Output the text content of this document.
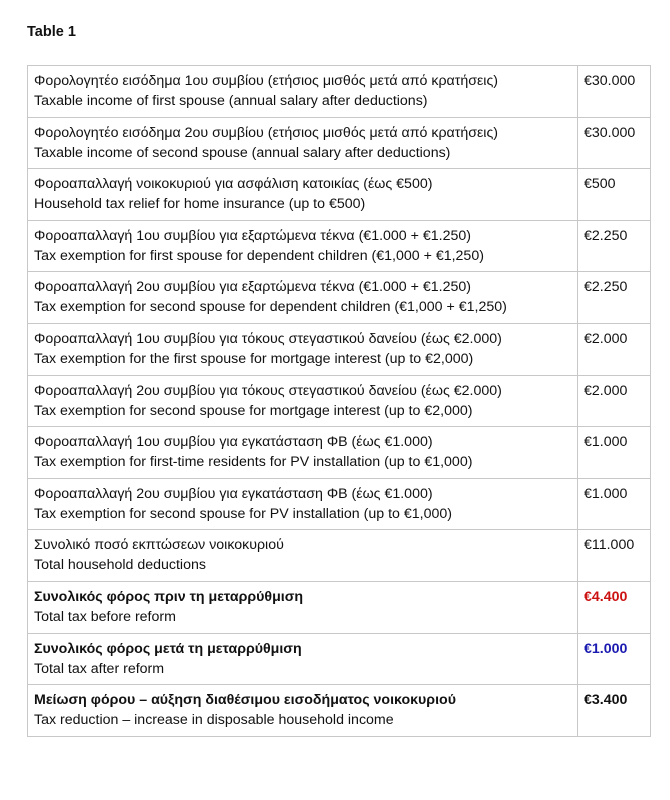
Table 1
Φορολογητέο εισόδημα 1ου συμβίου (ετήσιος μισθός μετά από κρατήσεις)
Taxable income of first spouse (annual salary after deductions)	€30.000

Φορολογητέο εισόδημα 2ου συμβίου (ετήσιος μισθός μετά από κρατήσεις)
Taxable income of second spouse (annual salary after deductions)	€30.000

Φοροαπαλλαγή νοικοκυριού για ασφάλιση κατοικίας (έως €500)
Household tax relief for home insurance (up to €500)	€500

Φοροαπαλλαγή 1ου συμβίου για εξαρτώμενα τέκνα (€1.000 + €1.250)
Tax exemption for first spouse for dependent children (€1,000 + €1,250)	€2.250

Φοροαπαλλαγή 2ου συμβίου για εξαρτώμενα τέκνα (€1.000 + €1.250)
Tax exemption for second spouse for dependent children (€1,000 + €1,250)	€2.250

Φοροαπαλλαγή 1ου συμβίου για τόκους στεγαστικού δανείου (έως €2.000)
Tax exemption for the first spouse for mortgage interest (up to €2,000)	€2.000

Φοροαπαλλαγή 2ου συμβίου για τόκους στεγαστικού δανείου (έως €2.000)
Tax exemption for second spouse for mortgage interest (up to €2,000)	€2.000

Φοροαπαλλαγή 1ου συμβίου για εγκατάσταση ΦΒ (έως €1.000)
Tax exemption for first-time residents for PV installation (up to €1,000)	€1.000

Φοροαπαλλαγή 2ου συμβίου για εγκατάσταση ΦΒ (έως €1.000)
Tax exemption for second spouse for PV installation (up to €1,000)	€1.000

Συνολικό ποσό εκπτώσεων νοικοκυριού
Total household deductions	€11.000

Συνολικός φόρος πριν τη μεταρρύθμιση
Total tax before reform	€4.400

Συνολικός φόρος μετά τη μεταρρύθμιση
Total tax after reform	€1.000

Μείωση φόρου – αύξηση διαθέσιμου εισοδήματος νοικοκυριού
Tax reduction – increase in disposable household income	€3.400
